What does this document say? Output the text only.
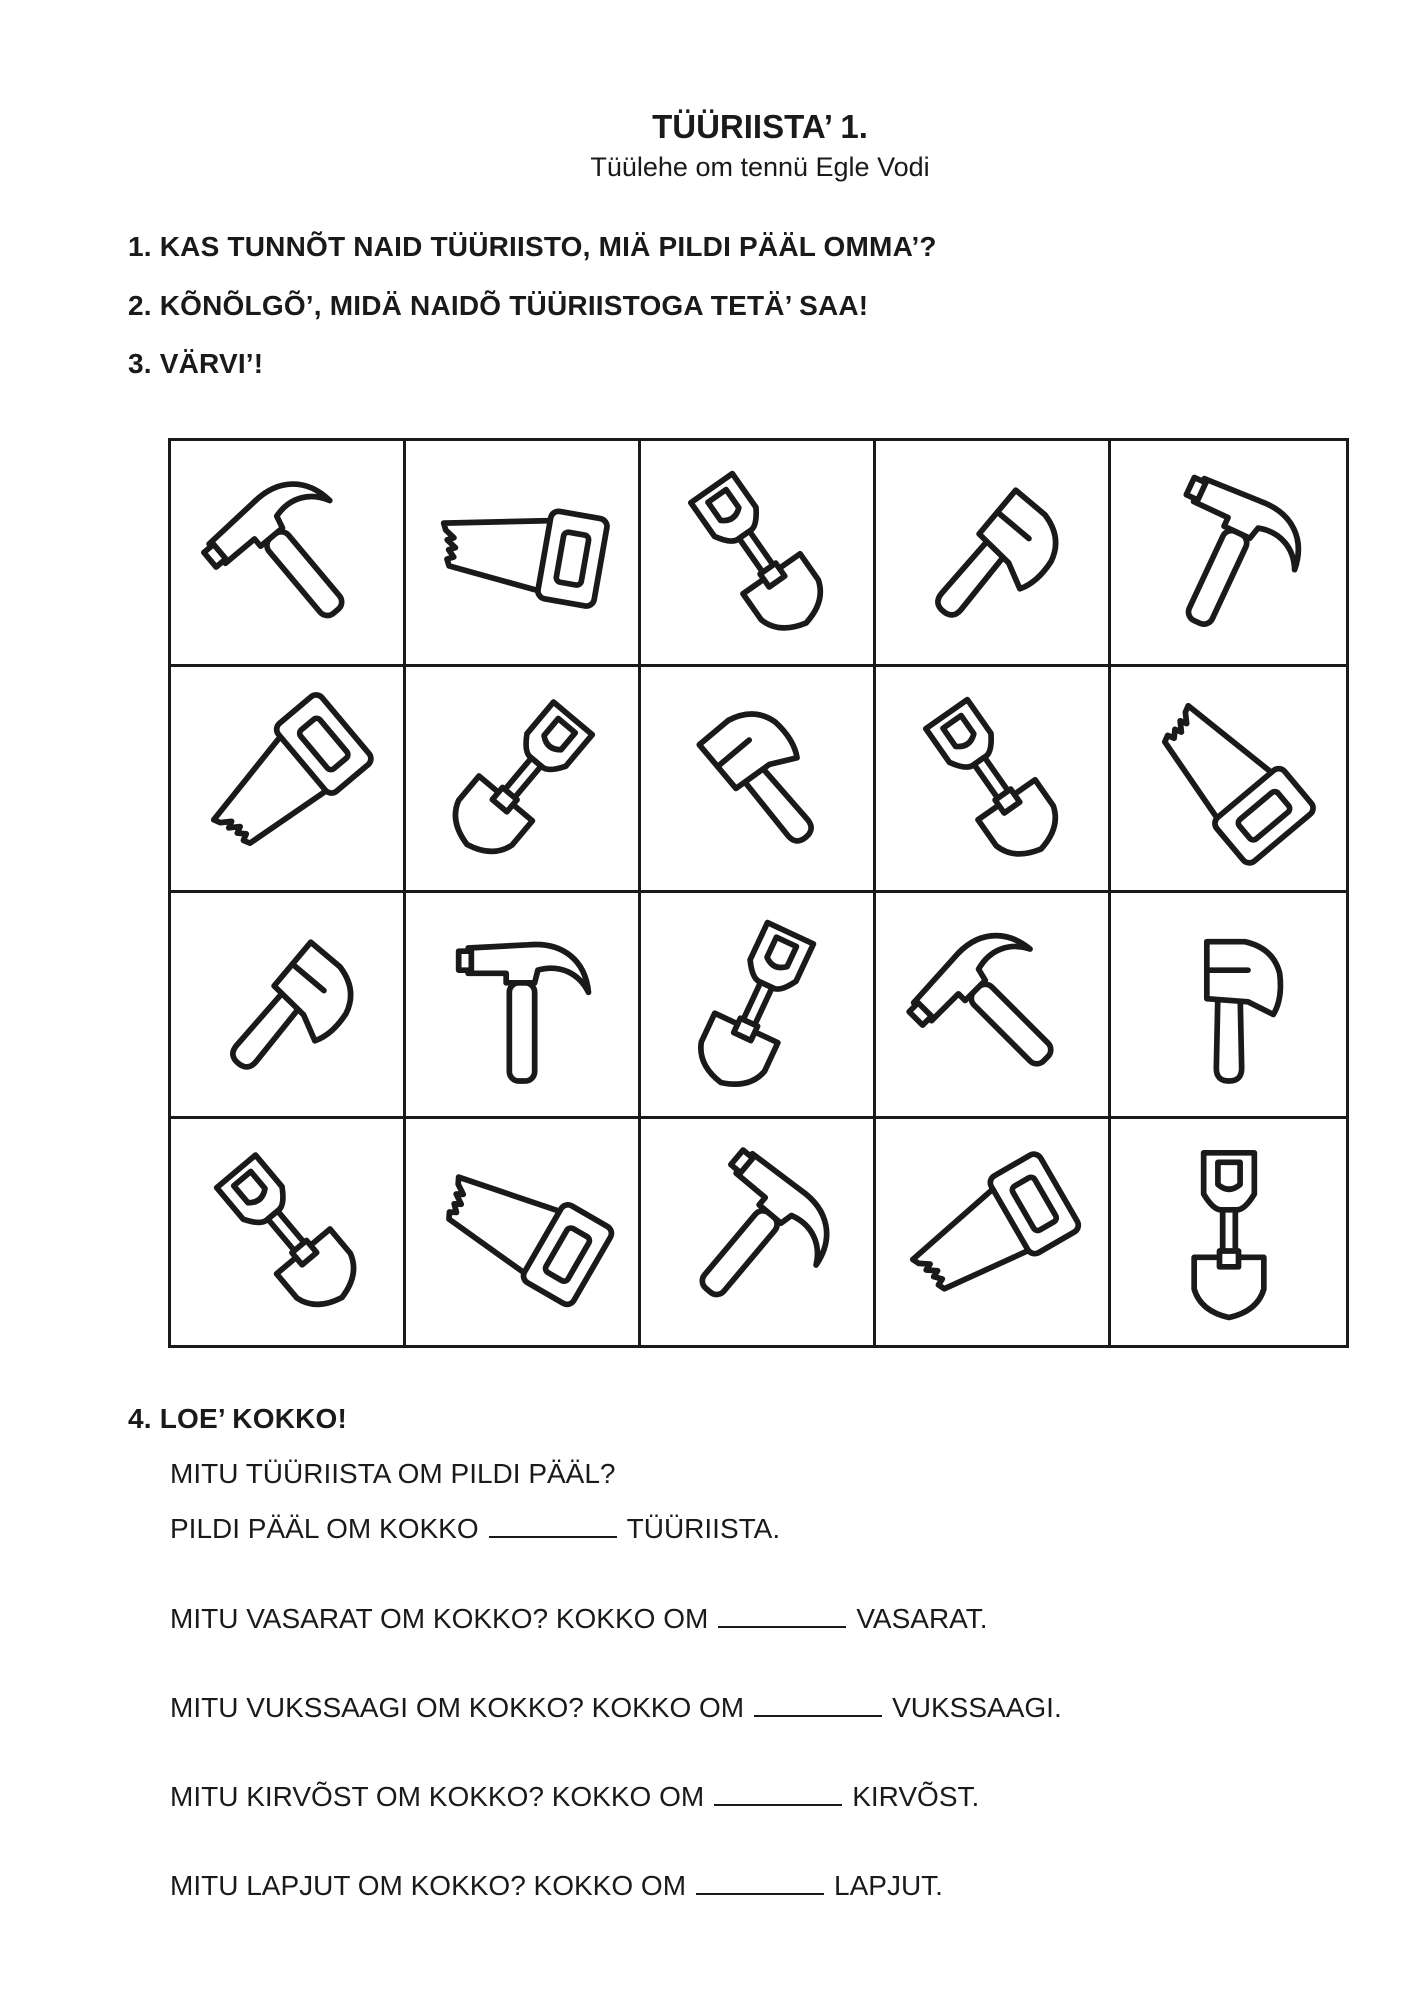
TÜÜRIISTA’ 1.
Tüülehe om tennü Egle Vodi
1. KAS TUNNÕT NAID TÜÜRIISTO, MIÄ PILDI PÄÄL OMMA’?
2. KÕNÕLGÕ’, MIDÄ NAIDÕ TÜÜRIISTOGA TETÄ’ SAA!
3. VÄRVI’!
4. LOE’ KOKKO!
MITU TÜÜRIISTA OM PILDI PÄÄL?
PILDI PÄÄL OM KOKKO	TÜÜRIISTA.
MITU VASARAT OM KOKKO? KOKKO OM	VASARAT.
MITU VUKSSAAGI OM KOKKO? KOKKO OM	VUKSSAAGI.
MITU KIRVÕST OM KOKKO? KOKKO OM	KIRVÕST.
MITU LAPJUT OM KOKKO? KOKKO OM	LAPJUT.
